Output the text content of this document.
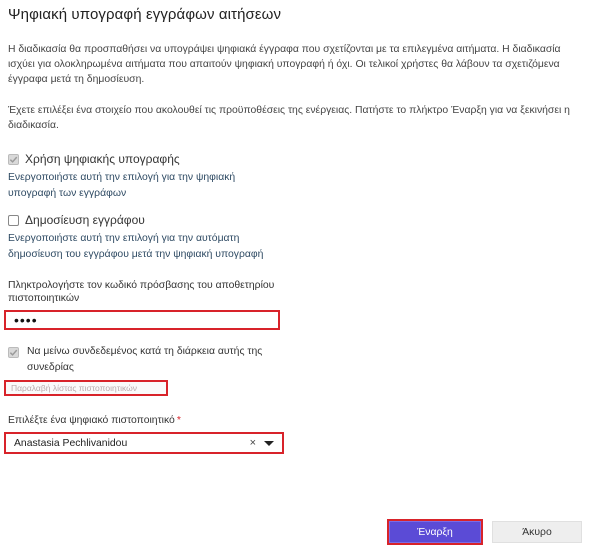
Ψηφιακή υπογραφή εγγράφων αιτήσεων
Η διαδικασία θα προσπαθήσει να υπογράψει ψηφιακά έγγραφα που σχετίζονται με τα επιλεγμένα αιτήματα. Η διαδικασία ισχύει για ολοκληρωμένα αιτήματα που απαιτούν ψηφιακή υπογραφή ή όχι. Οι τελικοί χρήστες θα λάβουν τα σχετιζόμενα έγγραφα μετά τη δημοσίευση.
Έχετε επιλέξει ένα στοιχείο που ακολουθεί τις προϋποθέσεις της ενέργειας. Πατήστε το πλήκτρο Έναρξη για να ξεκινήσει η διαδικασία.
Χρήση ψηφιακής υπογραφής
Ενεργοποιήστε αυτή την επιλογή για την ψηφιακή υπογραφή των εγγράφων
Δημοσίευση εγγράφου
Ενεργοποιήστε αυτή την επιλογή για την αυτόματη δημοσίευση του εγγράφου μετά την ψηφιακή υπογραφή
Πληκτρολογήστε τον κωδικό πρόσβασης του αποθετηρίου πιστοποιητικών
••••
Να μείνω συνδεδεμένος κατά τη διάρκεια αυτής της συνεδρίας
Παραλαβή λίστας πιστοποιητικών
Επιλέξτε ένα ψηφιακό πιστοποιητικό *
Anastasia Pechlivanidou	×
Έναρξη	Άκυρο
